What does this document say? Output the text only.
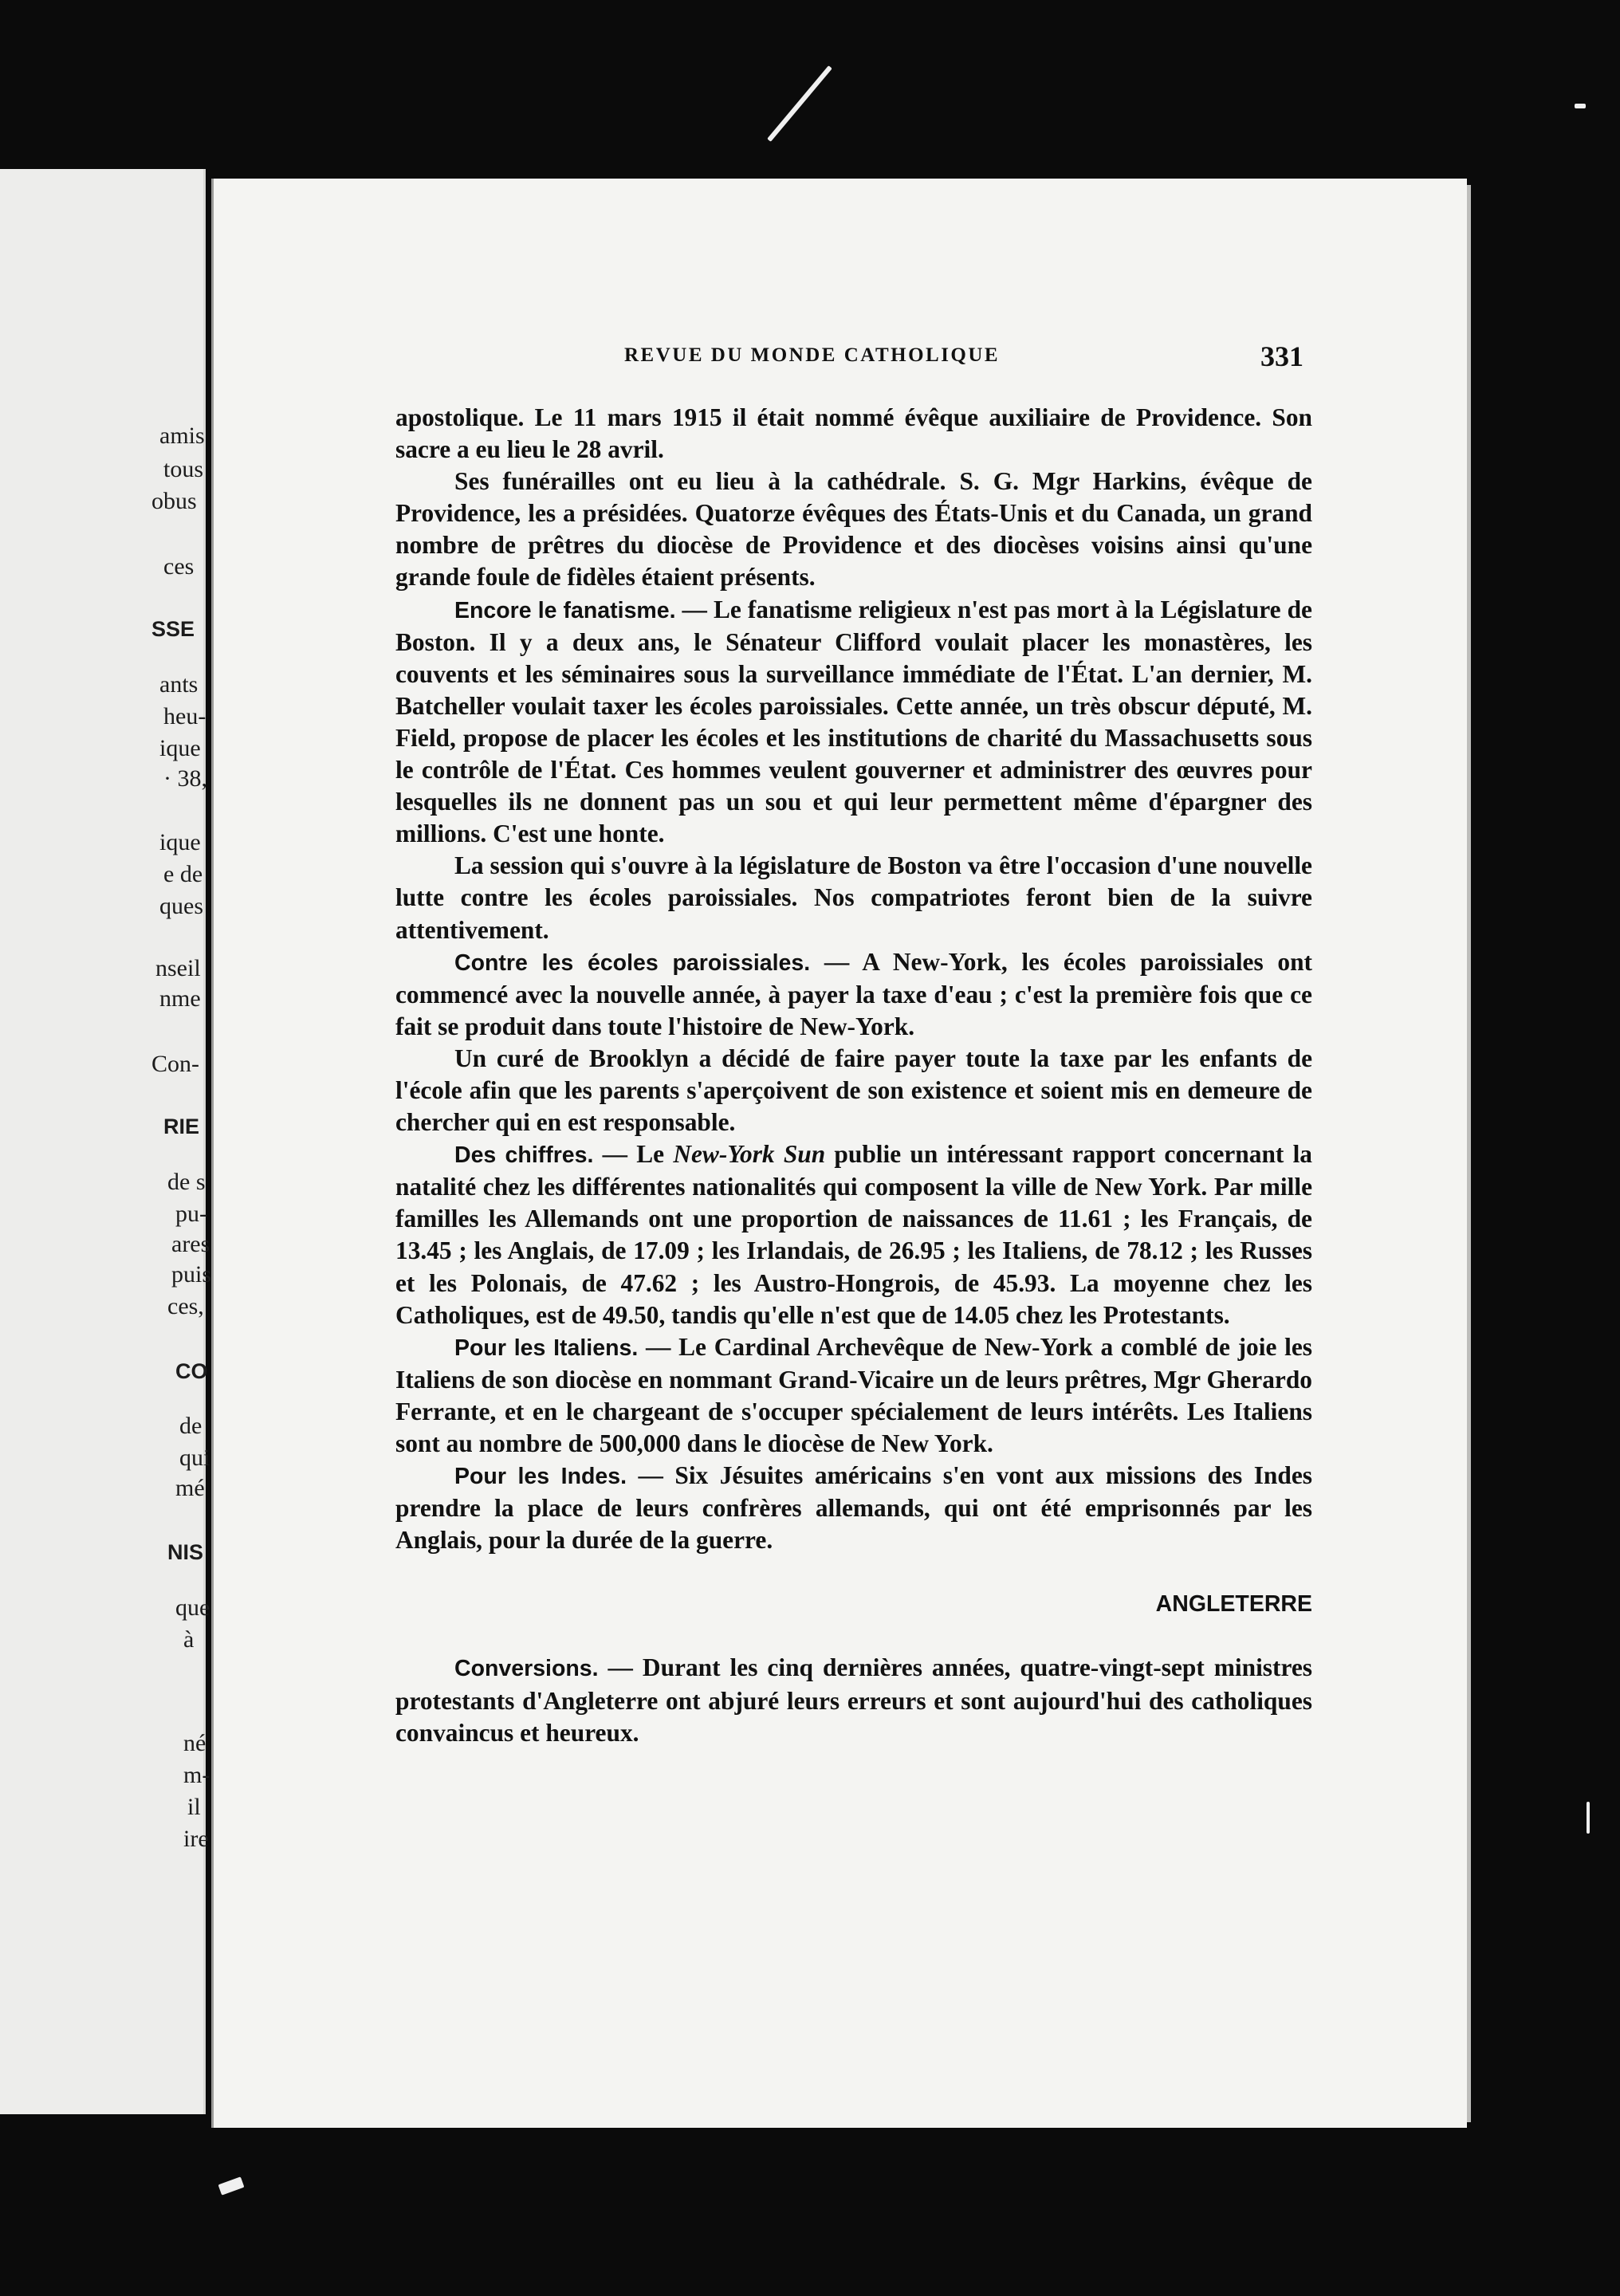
amis
tous
obus
ces
SSE
ants
heu-
ique
· 38,
ique
e de
ques
nseil
nme
Con-
RIE
de s
pu-
ares
puis
ces,
CO
de
qui
mé
NIS
que
à
né
m-
il
ire
REVUE DU MONDE CATHOLIQUE	331

apostolique. Le 11 mars 1915 il était nommé évêque auxiliaire de Providence. Son sacre a eu lieu le 28 avril.

Ses funérailles ont eu lieu à la cathédrale. S. G. Mgr Harkins, évêque de Providence, les a présidées. Quatorze évêques des États-Unis et du Canada, un grand nombre de prêtres du diocèse de Providence et des diocèses voisins ainsi qu'une grande foule de fidèles étaient présents.

Encore le fanatisme. — Le fanatisme religieux n'est pas mort à la Législature de Boston. Il y a deux ans, le Sénateur Clifford voulait placer les monastères, les couvents et les séminaires sous la surveillance immédiate de l'État. L'an dernier, M. Batcheller voulait taxer les écoles paroissiales. Cette année, un très obscur député, M. Field, propose de placer les écoles et les institutions de charité du Massachusetts sous le contrôle de l'État. Ces hommes veulent gouverner et administrer des œuvres pour lesquelles ils ne donnent pas un sou et qui leur permettent même d'épargner des millions. C'est une honte.

La session qui s'ouvre à la législature de Boston va être l'occasion d'une nouvelle lutte contre les écoles paroissiales. Nos compatriotes feront bien de la suivre attentivement.

Contre les écoles paroissiales. — A New-York, les écoles paroissiales ont commencé avec la nouvelle année, à payer la taxe d'eau ; c'est la première fois que ce fait se produit dans toute l'histoire de New-York.

Un curé de Brooklyn a décidé de faire payer toute la taxe par les enfants de l'école afin que les parents s'aperçoivent de son existence et soient mis en demeure de chercher qui en est responsable.

Des chiffres. — Le New-York Sun publie un intéressant rapport concernant la natalité chez les différentes nationalités qui composent la ville de New York. Par mille familles les Allemands ont une proportion de naissances de 11.61 ; les Français, de 13.45 ; les Anglais, de 17.09 ; les Irlandais, de 26.95 ; les Italiens, de 78.12 ; les Russes et les Polonais, de 47.62 ; les Austro-Hongrois, de 45.93. La moyenne chez les Catholiques, est de 49.50, tandis qu'elle n'est que de 14.05 chez les Protestants.

Pour les Italiens. — Le Cardinal Archevêque de New-York a comblé de joie les Italiens de son diocèse en nommant Grand-Vicaire un de leurs prêtres, Mgr Gherardo Ferrante, et en le chargeant de s'occuper spécialement de leurs intérêts. Les Italiens sont au nombre de 500,000 dans le diocèse de New York.

Pour les Indes. — Six Jésuites américains s'en vont aux missions des Indes prendre la place de leurs confrères allemands, qui ont été emprisonnés par les Anglais, pour la durée de la guerre.

ANGLETERRE

Conversions. — Durant les cinq dernières années, quatre-vingt-sept ministres protestants d'Angleterre ont abjuré leurs erreurs et sont aujourd'hui des catholiques convaincus et heureux.
